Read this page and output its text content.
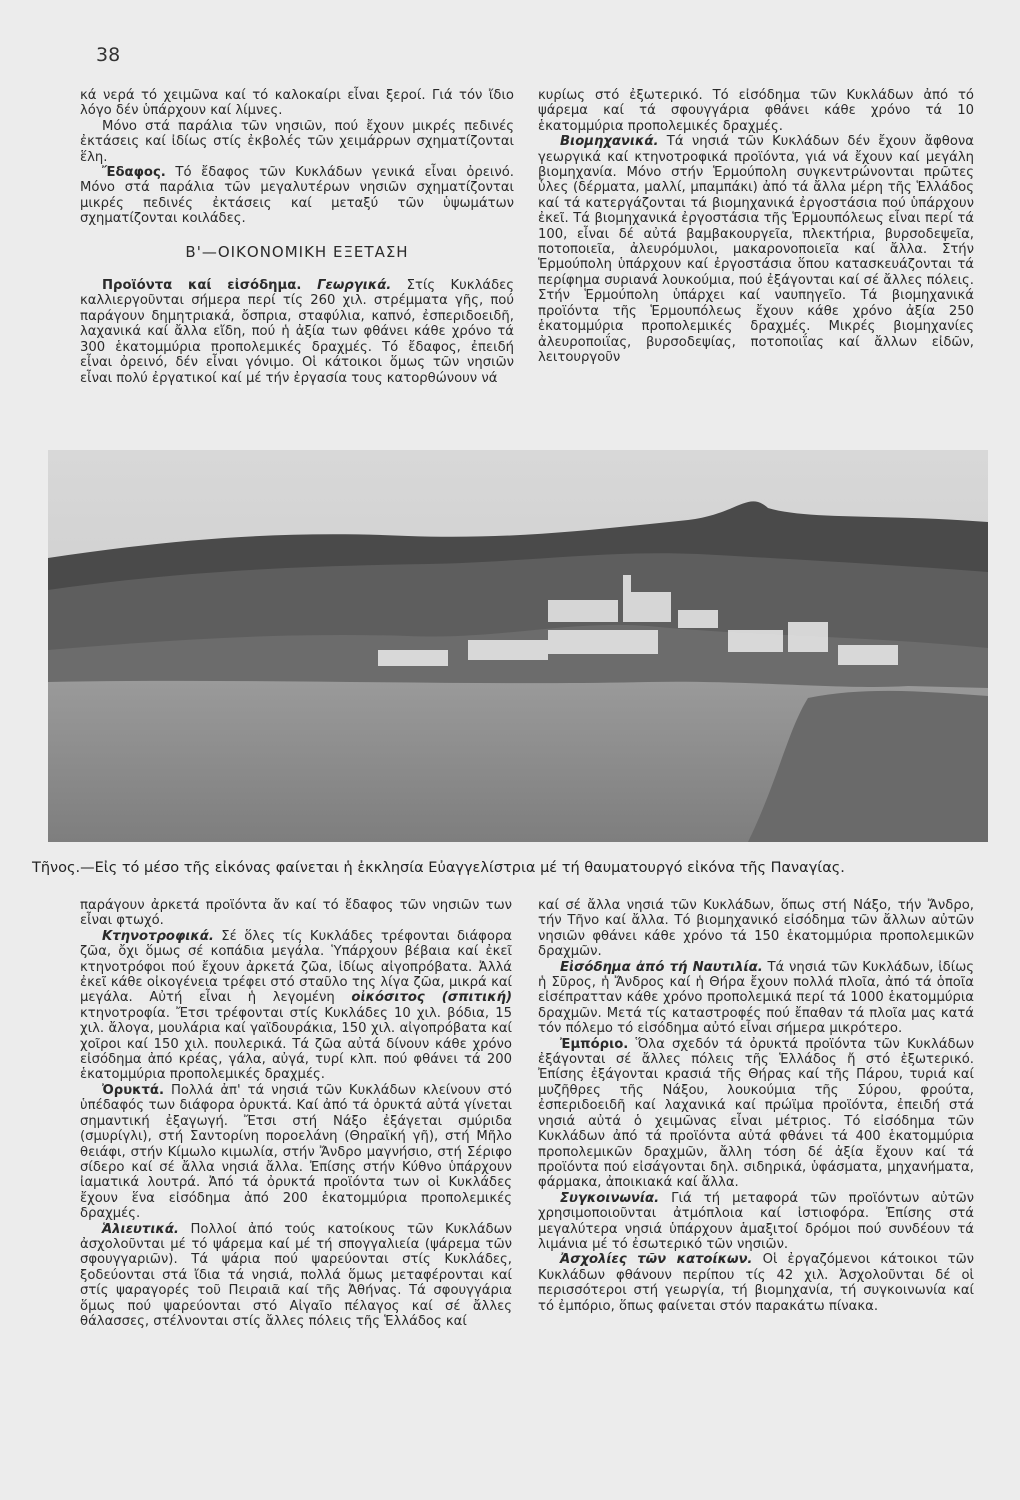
38

κά νερά τό χειμῶνα καί τό καλοκαίρι εἶναι ξεροί. Γιά τόν ἴδιο λόγο δέν ὑπάρχουν καί λίμνες.

Μόνο στά παράλια τῶν νησιῶν, πού ἔχουν μικρές πεδινές ἐκτάσεις καί ἰδίως στίς ἐκβολές τῶν χειμάρρων σχηματίζονται ἕλη.

Ἔδαφος. Τό ἔδαφος τῶν Κυκλάδων γενικά εἶναι ὀρεινό. Μόνο στά παράλια τῶν μεγαλυτέρων νησιῶν σχηματίζονται μικρές πεδινές ἐκτάσεις καί μεταξύ τῶν ὑψωμάτων σχηματίζονται κοιλάδες.

Β'—ΟΙΚΟΝΟΜΙΚΗ ΕΞΕΤΑΣΗ

Προϊόντα καί εἰσόδημα. Γεωργικά. Στίς Κυκλάδες καλλιεργοῦνται σήμερα περί τίς 260 χιλ. στρέμματα γῆς, πού παράγουν δημητριακά, ὄσπρια, σταφύλια, καπνό, ἐσπεριδοειδῆ, λαχανικά καί ἄλλα εἴδη, πού ἡ ἀξία των φθάνει κάθε χρόνο τά 300 ἑκατομμύρια προπολεμικές δραχμές. Τό ἔδαφος, ἐπειδή εἶναι ὀρεινό, δέν εἶναι γόνιμο. Οἱ κάτοικοι ὅμως τῶν νησιῶν εἶναι πολύ ἐργατικοί καί μέ τήν ἐργασία τους κατορθώνουν νά

κυρίως στό ἐξωτερικό. Τό εἰσόδημα τῶν Κυκλάδων ἀπό τό ψάρεμα καί τά σφουγγάρια φθάνει κάθε χρόνο τά 10 ἑκατομμύρια προπολεμικές δραχμές.

Βιομηχανικά. Τά νησιά τῶν Κυκλάδων δέν ἔχουν ἄφθονα γεωργικά καί κτηνοτροφικά προϊόντα, γιά νά ἔχουν καί μεγάλη βιομηχανία. Μόνο στήν Ἑρμούπολη συγκεντρώνονται πρῶτες ὗλες (δέρματα, μαλλί, μπαμπάκι) ἀπό τά ἄλλα μέρη τῆς Ἑλλάδος καί τά κατεργάζονται τά βιομηχανικά ἐργοστάσια πού ὑπάρχουν ἐκεῖ. Τά βιομηχανικά ἐργοστάσια τῆς Ἑρμουπόλεως εἶναι περί τά 100, εἶναι δέ αὐτά βαμβακουργεῖα, πλεκτήρια, βυρσοδεψεῖα, ποτοποιεῖα, ἀλευρόμυλοι, μακαρονοποιεῖα καί ἄλλα. Στήν Ἑρμούπολη ὑπάρχουν καί ἐργοστάσια ὅπου κατασκευάζονται τά περίφημα συριανά λουκούμια, πού ἐξάγονται καί σέ ἄλλες πόλεις. Στήν Ἑρμούπολη ὑπάρχει καί ναυπηγεῖο. Τά βιομηχανικά προϊόντα τῆς Ἑρμουπόλεως ἔχουν κάθε χρόνο ἀξία 250 ἑκατομμύρια προπολεμικές δραχμές. Μικρές βιομηχανίες ἀλευροποιΐας, βυρσοδεψίας, ποτοποιΐας καί ἄλλων εἰδῶν, λειτουργοῦν

Τῆνος.—Εἰς τό μέσο τῆς εἰκόνας φαίνεται ἡ ἐκκλησία Εὐαγγελίστρια μέ τή θαυματουργό εἰκόνα τῆς Παναγίας.

παράγουν ἀρκετά προϊόντα ἄν καί τό ἔδαφος τῶν νησιῶν των εἶναι φτωχό.

Κτηνοτροφικά. Σέ ὅλες τίς Κυκλάδες τρέφονται διάφορα ζῶα, ὄχι ὅμως σέ κοπάδια μεγάλα. Ὑπάρχουν βέβαια καί ἐκεῖ κτηνοτρόφοι πού ἔχουν ἀρκετά ζῶα, ἰδίως αἰγοπρόβατα. Ἀλλά ἐκεῖ κάθε οἰκογένεια τρέφει στό σταῦλο της λίγα ζῶα, μικρά καί μεγάλα. Αὐτή εἶναι ἡ λεγομένη οἰκόσιτος (σπιτική) κτηνοτροφία. Ἔτσι τρέφονται στίς Κυκλάδες 10 χιλ. βόδια, 15 χιλ. ἄλογα, μουλάρια καί γαϊδουράκια, 150 χιλ. αἰγοπρόβατα καί χοῖροι καί 150 χιλ. πουλερικά. Τά ζῶα αὐτά δίνουν κάθε χρόνο εἰσόδημα ἀπό κρέας, γάλα, αὐγά, τυρί κλπ. πού φθάνει τά 200 ἑκατομμύρια προπολεμικές δραχμές.

Ὀρυκτά. Πολλά ἀπ' τά νησιά τῶν Κυκλάδων κλείνουν στό ὑπέδαφός των διάφορα ὀρυκτά. Καί ἀπό τά ὀρυκτά αὐτά γίνεται σημαντική ἐξαγωγή. Ἔτσι στή Νάξο ἐξάγεται σμύριδα (σμυρίγλι), στή Σαντορίνη ποροελάνη (Θηραϊκή γῆ), στή Μῆλο θειάφι, στήν Κίμωλο κιμωλία, στήν Ἄνδρο μαγνήσιο, στή Σέριφο σίδερο καί σέ ἄλλα νησιά ἄλλα. Ἐπίσης στήν Κύθνο ὑπάρχουν ἰαματικά λουτρά. Ἀπό τά ὀρυκτά προϊόντα των οἱ Κυκλάδες ἔχουν ἕνα εἰσόδημα ἀπό 200 ἑκατομμύρια προπολεμικές δραχμές.

Ἁλιευτικά. Πολλοί ἀπό τούς κατοίκους τῶν Κυκλάδων ἀσχολοῦνται μέ τό ψάρεμα καί μέ τή σπογγαλιεία (ψάρεμα τῶν σφουγγαριῶν). Τά ψάρια πού ψαρεύονται στίς Κυκλάδες, ξοδεύονται στά ἴδια τά νησιά, πολλά ὅμως μεταφέρονται καί στίς ψαραγορές τοῦ Πειραιᾶ καί τῆς Ἀθήνας. Τά σφουγγάρια ὅμως πού ψαρεύονται στό Αἰγαῖο πέλαγος καί σέ ἄλλες θάλασσες, στέλνονται στίς ἄλλες πόλεις τῆς Ἑλλάδος καί

καί σέ ἄλλα νησιά τῶν Κυκλάδων, ὅπως στή Νάξο, τήν Ἄνδρο, τήν Τῆνο καί ἄλλα. Τό βιομηχανικό εἰσόδημα τῶν ἄλλων αὐτῶν νησιῶν φθάνει κάθε χρόνο τά 150 ἑκατομμύρια προπολεμικῶν δραχμῶν.

Εἰσόδημα ἀπό τή Ναυτιλία. Τά νησιά τῶν Κυκλάδων, ἰδίως ἡ Σῦρος, ἡ Ἄνδρος καί ἡ Θήρα ἔχουν πολλά πλοῖα, ἀπό τά ὁποῖα εἰσέπρατταν κάθε χρόνο προπολεμικά περί τά 1000 ἑκατομμύρια δραχμῶν. Μετά τίς καταστροφές πού ἔπαθαν τά πλοῖα μας κατά τόν πόλεμο τό εἰσόδημα αὐτό εἶναι σήμερα μικρότερο.

Ἐμπόριο. Ὅλα σχεδόν τά ὀρυκτά προϊόντα τῶν Κυκλάδων ἐξάγονται σέ ἄλλες πόλεις τῆς Ἑλλάδος ἤ στό ἐξωτερικό. Ἐπίσης ἐξάγονται κρασιά τῆς Θήρας καί τῆς Πάρου, τυριά καί μυζῆθρες τῆς Νάξου, λουκούμια τῆς Σύρου, φρούτα, ἐσπεριδοειδῆ καί λαχανικά καί πρώϊμα προϊόντα, ἐπειδή στά νησιά αὐτά ὁ χειμῶνας εἶναι μέτριος. Τό εἰσόδημα τῶν Κυκλάδων ἀπό τά προϊόντα αὐτά φθάνει τά 400 ἑκατομμύρια προπολεμικῶν δραχμῶν, ἄλλη τόση δέ ἀξία ἔχουν καί τά προϊόντα πού εἰσάγονται δηλ. σιδηρικά, ὑφάσματα, μηχανήματα, φάρμακα, ἀποικιακά καί ἄλλα.

Συγκοινωνία. Γιά τή μεταφορά τῶν προϊόντων αὐτῶν χρησιμοποιοῦνται ἀτμόπλοια καί ἱστιοφόρα. Ἐπίσης στά μεγαλύτερα νησιά ὑπάρχουν ἁμαξιτοί δρόμοι πού συνδέουν τά λιμάνια μέ τό ἐσωτερικό τῶν νησιῶν.

Ἀσχολίες τῶν κατοίκων. Οἱ ἐργαζόμενοι κάτοικοι τῶν Κυκλάδων φθάνουν περίπου τίς 42 χιλ. Ἀσχολοῦνται δέ οἱ περισσότεροι στή γεωργία, τή βιομηχανία, τή συγκοινωνία καί τό ἐμπόριο, ὅπως φαίνεται στόν παρακάτω πίνακα.
